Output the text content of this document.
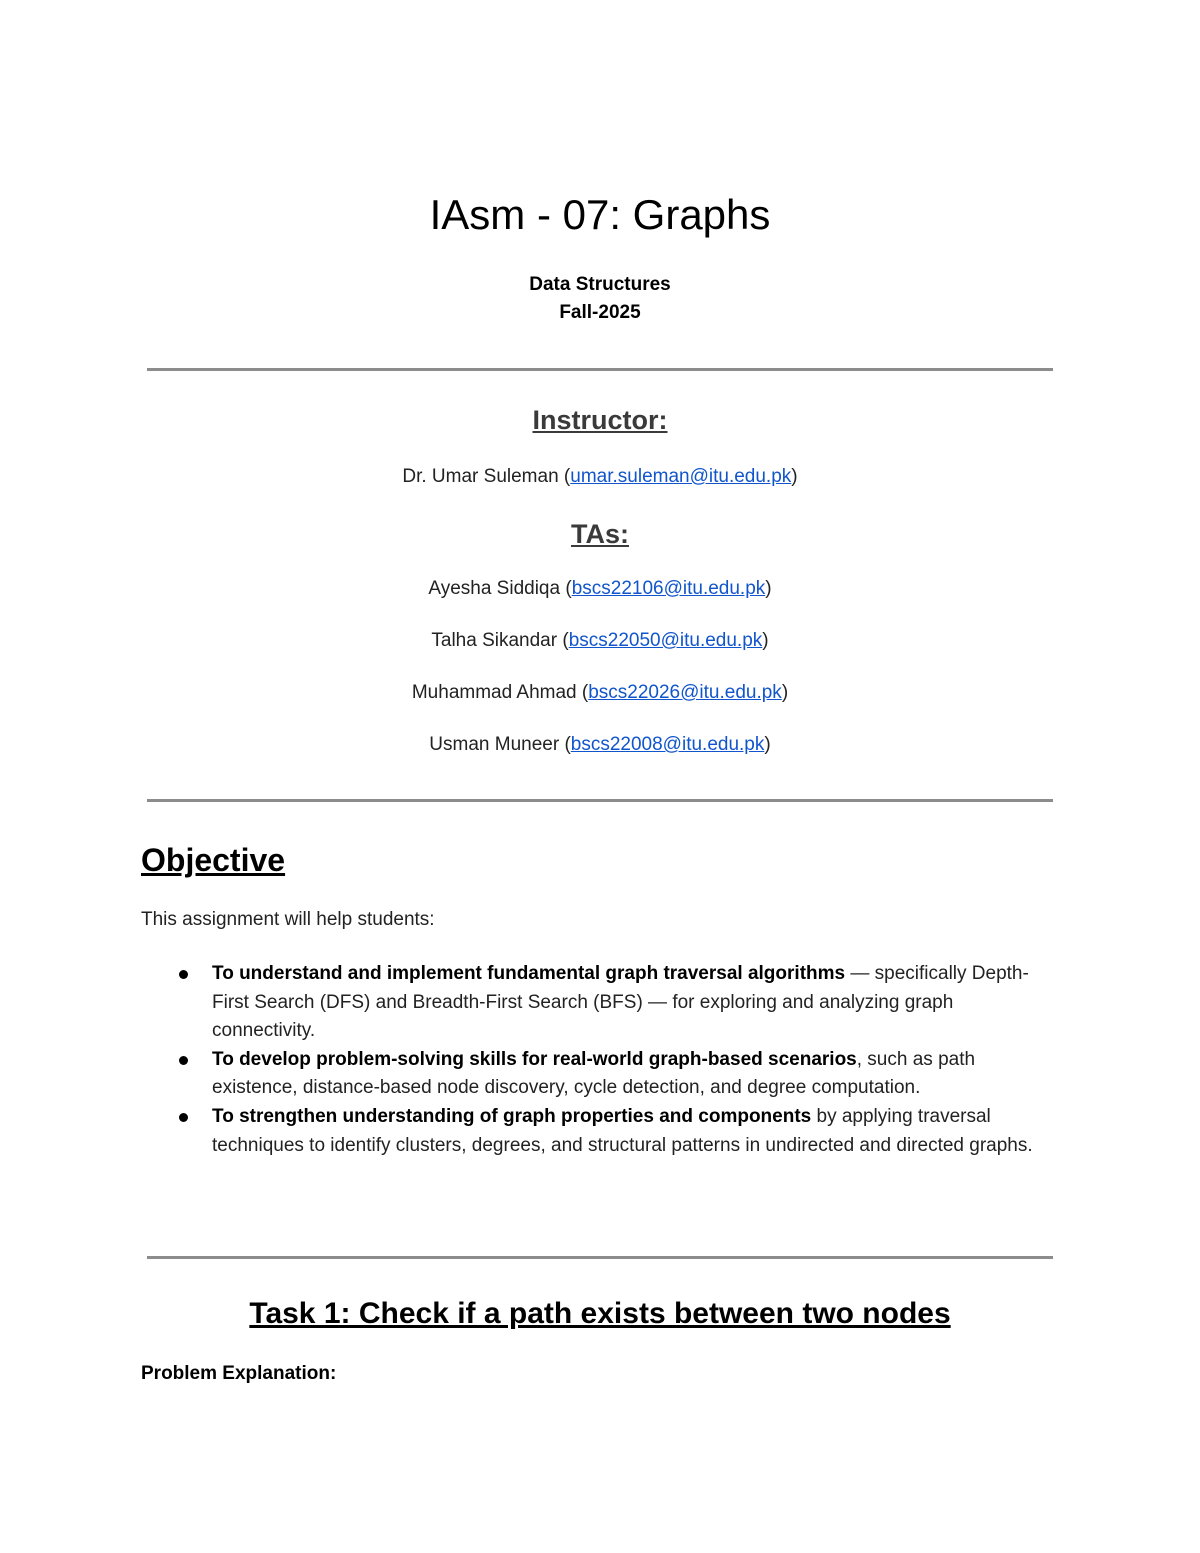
IAsm - 07: Graphs
Data Structures
Fall-2025
Instructor:
Dr. Umar Suleman (umar.suleman@itu.edu.pk)
TAs:
Ayesha Siddiqa (bscs22106@itu.edu.pk)
Talha Sikandar (bscs22050@itu.edu.pk)
Muhammad Ahmad (bscs22026@itu.edu.pk)
Usman Muneer (bscs22008@itu.edu.pk)
Objective
This assignment will help students:
To understand and implement fundamental graph traversal algorithms — specifically Depth-First Search (DFS) and Breadth-First Search (BFS) — for exploring and analyzing graph connectivity.
To develop problem-solving skills for real-world graph-based scenarios, such as path existence, distance-based node discovery, cycle detection, and degree computation.
To strengthen understanding of graph properties and components by applying traversal techniques to identify clusters, degrees, and structural patterns in undirected and directed graphs.
Task 1: Check if a path exists between two nodes
Problem Explanation:
